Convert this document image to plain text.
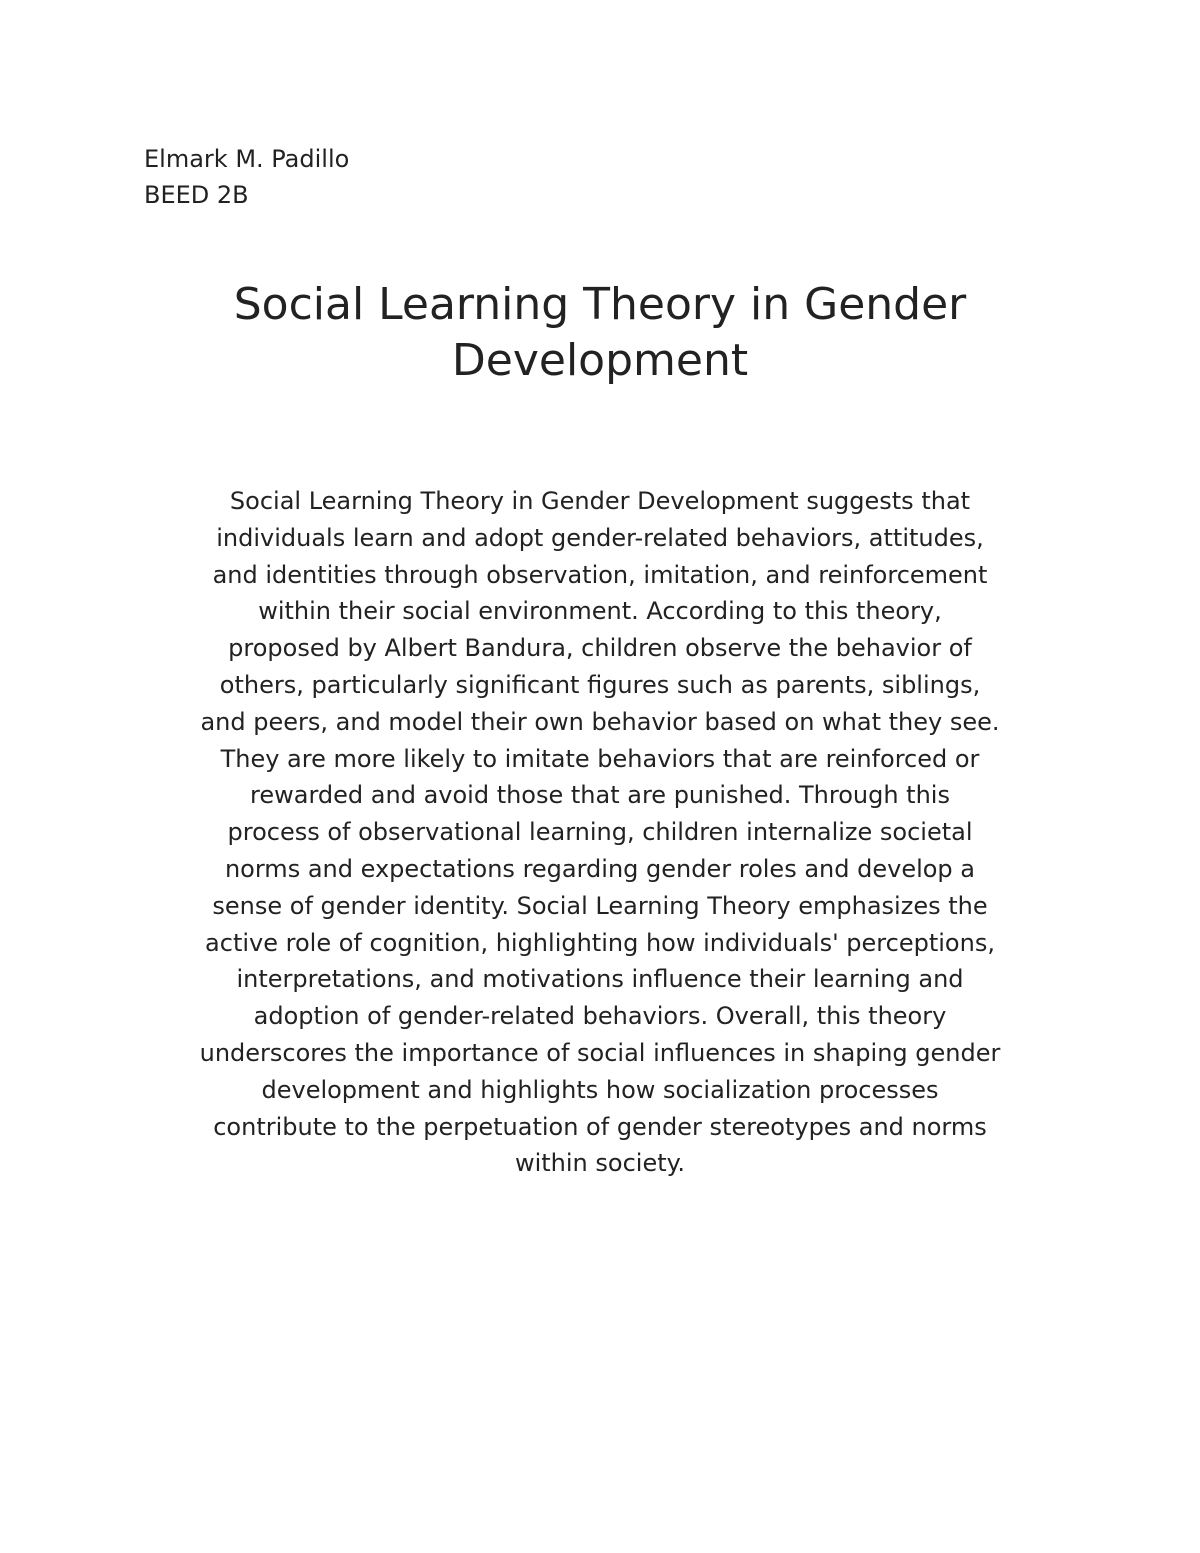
Elmark M. Padillo
BEED 2B
Social Learning Theory in Gender
Development

Social Learning Theory in Gender Development suggests that
individuals learn and adopt gender-related behaviors, attitudes,
and identities through observation, imitation, and reinforcement
within their social environment. According to this theory,
proposed by Albert Bandura, children observe the behavior of
others, particularly significant figures such as parents, siblings,
and peers, and model their own behavior based on what they see.
They are more likely to imitate behaviors that are reinforced or
rewarded and avoid those that are punished. Through this
process of observational learning, children internalize societal
norms and expectations regarding gender roles and develop a
sense of gender identity. Social Learning Theory emphasizes the
active role of cognition, highlighting how individuals' perceptions,
interpretations, and motivations influence their learning and
adoption of gender-related behaviors. Overall, this theory
underscores the importance of social influences in shaping gender
development and highlights how socialization processes
contribute to the perpetuation of gender stereotypes and norms
within society.
